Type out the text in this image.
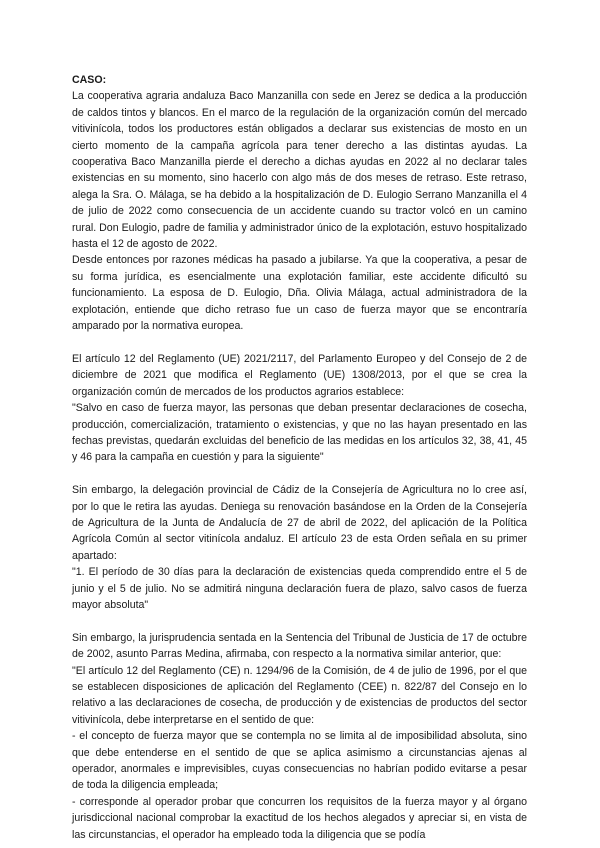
CASO:

La cooperativa agraria andaluza Baco Manzanilla con sede en Jerez se dedica a la producción de caldos tintos y blancos. En el marco de la regulación de la organización común del mercado vitivinícola, todos los productores están obligados a declarar sus existencias de mosto en un cierto momento de la campaña agrícola para tener derecho a las distintas ayudas. La cooperativa Baco Manzanilla pierde el derecho a dichas ayudas en 2022 al no declarar tales existencias en su momento, sino hacerlo con algo más de dos meses de retraso. Este retraso, alega la Sra. O. Málaga, se ha debido a la hospitalización de D. Eulogio Serrano Manzanilla el 4 de julio de 2022 como consecuencia de un accidente cuando su tractor volcó en un camino rural. Don Eulogio, padre de familia y administrador único de la explotación, estuvo hospitalizado hasta el 12 de agosto de 2022.

Desde entonces por razones médicas ha pasado a jubilarse. Ya que la cooperativa, a pesar de su forma jurídica, es esencialmente una explotación familiar, este accidente dificultó su funcionamiento. La esposa de D. Eulogio, Dña. Olivia Málaga, actual administradora de la explotación, entiende que dicho retraso fue un caso de fuerza mayor que se encontraría amparado por la normativa europea.

El artículo 12 del Reglamento (UE) 2021/2117, del Parlamento Europeo y del Consejo de 2 de diciembre de 2021 que modifica el Reglamento (UE) 1308/2013, por el que se crea la organización común de mercados de los productos agrarios establece:

"Salvo en caso de fuerza mayor, las personas que deban presentar declaraciones de cosecha, producción, comercialización, tratamiento o existencias, y que no las hayan presentado en las fechas previstas, quedarán excluidas del beneficio de las medidas en los artículos 32, 38, 41, 45 y 46 para la campaña en cuestión y para la siguiente"

Sin embargo, la delegación provincial de Cádiz de la Consejería de Agricultura no lo cree así, por lo que le retira las ayudas. Deniega su renovación basándose en la Orden de la Consejería de Agricultura de la Junta de Andalucía de 27 de abril de 2022, del aplicación de la Política Agrícola Común al sector vitinícola andaluz. El artículo 23 de esta Orden señala en su primer apartado:

"1. El período de 30 días para la declaración de existencias queda comprendido entre el 5 de junio y el 5 de julio. No se admitirá ninguna declaración fuera de plazo, salvo casos de fuerza mayor absoluta"

Sin embargo, la jurisprudencia sentada en la Sentencia del Tribunal de Justicia de 17 de octubre de 2002, asunto Parras Medina, afirmaba, con respecto a la normativa similar anterior, que:

"El artículo 12 del Reglamento (CE) n. 1294/96 de la Comisión, de 4 de julio de 1996, por el que se establecen disposiciones de aplicación del Reglamento (CEE) n. 822/87 del Consejo en lo relativo a las declaraciones de cosecha, de producción y de existencias de productos del sector vitivinícola, debe interpretarse en el sentido de que:

- el concepto de fuerza mayor que se contempla no se limita al de imposibilidad absoluta, sino que debe entenderse en el sentido de que se aplica asimismo a circunstancias ajenas al operador, anormales e imprevisibles, cuyas consecuencias no habrían podido evitarse a pesar de toda la diligencia empleada;

- corresponde al operador probar que concurren los requisitos de la fuerza mayor y al órgano jurisdiccional nacional comprobar la exactitud de los hechos alegados y apreciar si, en vista de las circunstancias, el operador ha empleado toda la diligencia que se podía
